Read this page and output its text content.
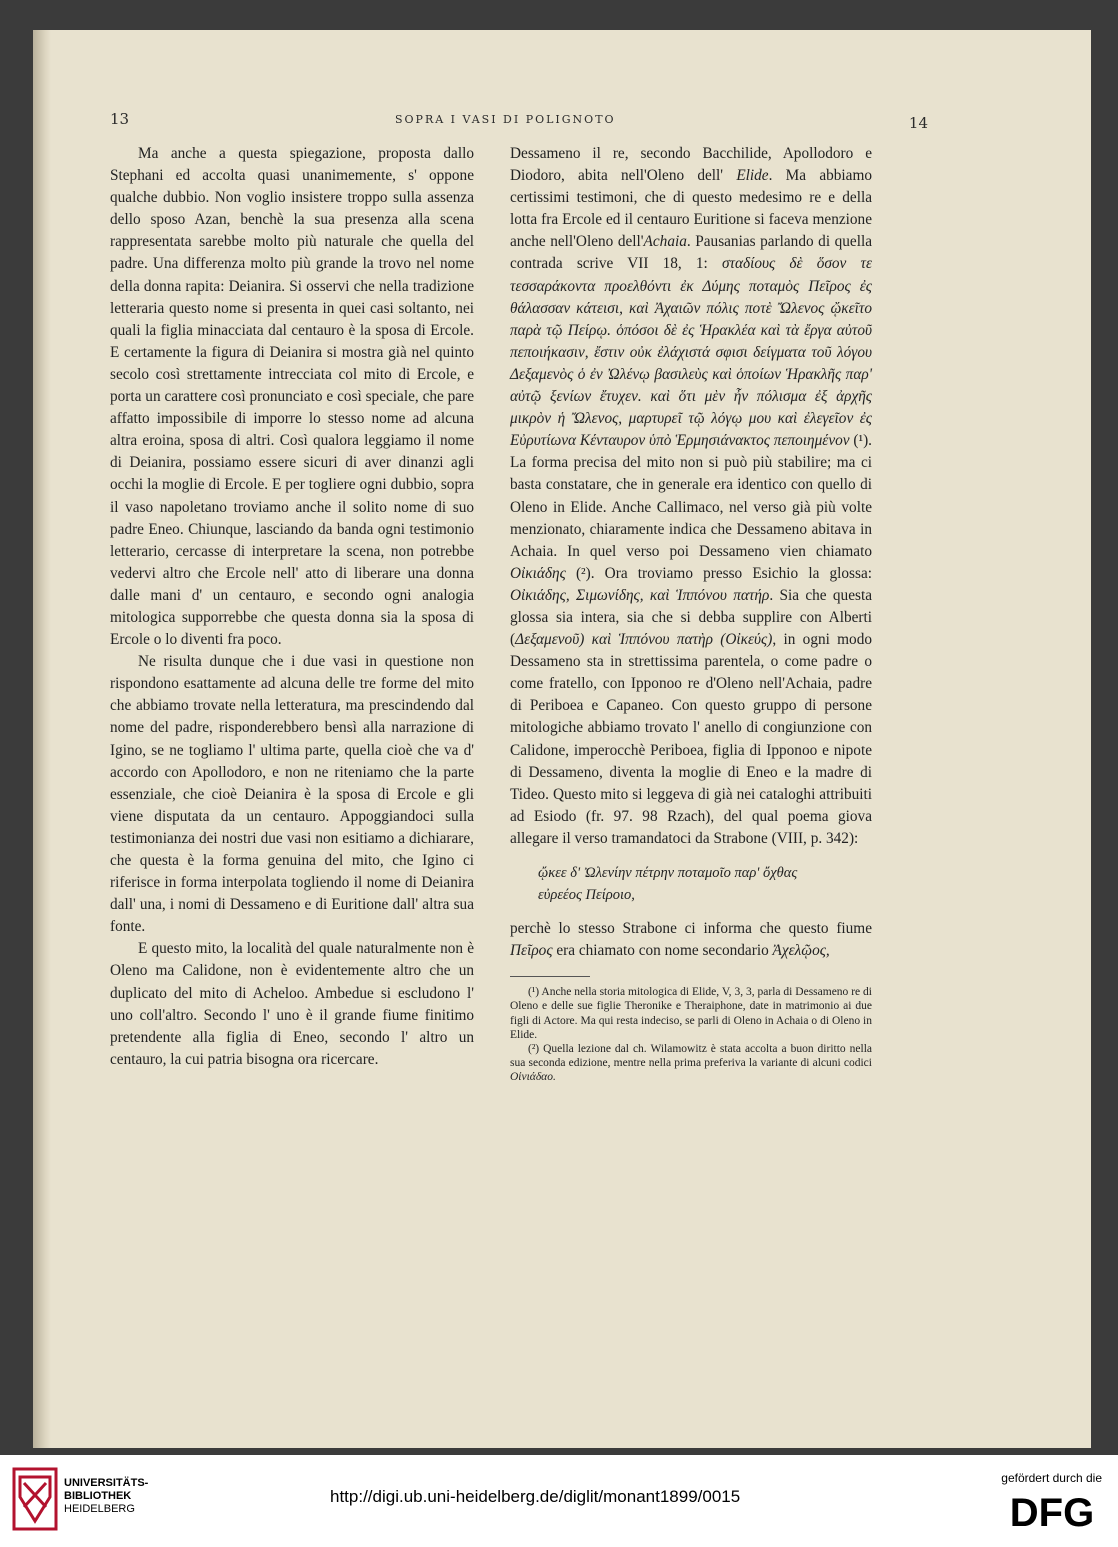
13	SOPRA I VASI DI POLIGNOTO	14

Ma anche a questa spiegazione, proposta dallo Stephani ed accolta quasi unanimemente, s' oppone qualche dubbio. Non voglio insistere troppo sulla assenza dello sposo Azan, benchè la sua presenza alla scena rappresentata sarebbe molto più naturale che quella del padre. Una differenza molto più grande la trovo nel nome della donna rapita: Deianira. Si osservi che nella tradizione letteraria questo nome si presenta in quei casi soltanto, nei quali la figlia minacciata dal centauro è la sposa di Ercole. E certamente la figura di Deianira si mostra già nel quinto secolo così strettamente intrecciata col mito di Ercole, e porta un carattere così pronunciato e così speciale, che pare affatto impossibile di imporre lo stesso nome ad alcuna altra eroina, sposa di altri. Così qualora leggiamo il nome di Deianira, possiamo essere sicuri di aver dinanzi agli occhi la moglie di Ercole. E per togliere ogni dubbio, sopra il vaso napoletano troviamo anche il solito nome di suo padre Eneo. Chiunque, lasciando da banda ogni testimonio letterario, cercasse di interpretare la scena, non potrebbe vedervi altro che Ercole nell' atto di liberare una donna dalle mani d' un centauro, e secondo ogni analogia mitologica supporrebbe che questa donna sia la sposa di Ercole o lo diventi fra poco.

Ne risulta dunque che i due vasi in questione non rispondono esattamente ad alcuna delle tre forme del mito che abbiamo trovate nella letteratura, ma prescindendo dal nome del padre, risponderebbero bensì alla narrazione di Igino, se ne togliamo l' ultima parte, quella cioè che va d' accordo con Apollodoro, e non ne riteniamo che la parte essenziale, che cioè Deianira è la sposa di Ercole e gli viene disputata da un centauro. Appoggiandoci sulla testimonianza dei nostri due vasi non esitiamo a dichiarare, che questa è la forma genuina del mito, che Igino ci riferisce in forma interpolata togliendo il nome di Deianira dall' una, i nomi di Dessameno e di Euritione dall' altra sua fonte.

E questo mito, la località del quale naturalmente non è Oleno ma Calidone, non è evidentemente altro che un duplicato del mito di Acheloo. Ambedue si escludono l' uno coll'altro. Secondo l' uno è il grande fiume finitimo pretendente alla figlia di Eneo, secondo l' altro un centauro, la cui patria bisogna ora ricercare.

Dessameno il re, secondo Bacchilide, Apollodoro e Diodoro, abita nell'Oleno dell' Elide. Ma abbiamo certissimi testimoni, che di questo medesimo re e della lotta fra Ercole ed il centauro Euritione si faceva menzione anche nell'Oleno dell'Achaia. Pausanias parlando di quella contrada scrive VII 18, 1: σταδίους δὲ ὅσον τε τεσσαράκοντα προελθόντι ἐκ Δύμης ποταμὸς Πεῖρος ἐς θάλασσαν κάτεισι, καὶ Ἀχαιῶν πόλις ποτὲ Ὤλενος ᾤκεῖτο παρὰ τῷ Πείρῳ. ὁπόσοι δὲ ἐς Ἡρακλέα καὶ τὰ ἔργα αὐτοῦ πεποιήκασιν, ἔστιν οὐκ ἐλάχιστά σφισι δείγματα τοῦ λόγου Δεξαμενὸς ὁ ἐν Ὠλένῳ βασιλεὺς καὶ ὁποίων Ἡρακλῆς παρ' αὐτῷ ξενίων ἔτυχεν. καὶ ὅτι μὲν ἦν πόλισμα ἐξ ἀρχῆς μικρὸν ἡ Ὤλενος, μαρτυρεῖ τῷ λόγῳ μου καὶ ἐλεγεῖον ἐς Εὐρυτίωνα Κένταυρον ὑπὸ Ἑρμησιάνακτος πεποιημένον (¹). La forma precisa del mito non si può più stabilire; ma ci basta constatare, che in generale era identico con quello di Oleno in Elide. Anche Callimaco, nel verso già più volte menzionato, chiaramente indica che Dessameno abitava in Achaia. In quel verso poi Dessameno vien chiamato Οἰκιάδης (²). Ora troviamo presso Esichio la glossa: Οἰκιάδης, Σιμωνίδης, καὶ Ἱππόνου πατήρ. Sia che questa glossa sia intera, sia che si debba supplire con Alberti (Δεξαμενοῦ) καὶ Ἱππόνου πατὴρ (Οἰκεύς), in ogni modo Dessameno sta in strettissima parentela, o come padre o come fratello, con Ipponoo re d'Oleno nell'Achaia, padre di Periboea e Capaneo. Con questo gruppo di persone mitologiche abbiamo trovato l' anello di congiunzione con Calidone, imperocchè Periboea, figlia di Ipponoo e nipote di Dessameno, diventa la moglie di Eneo e la madre di Tideo. Questo mito si leggeva di già nei cataloghi attribuiti ad Esiodo (fr. 97. 98 Rzach), del qual poema giova allegare il verso tramandatoci da Strabone (VIII, p. 342):

ᾤκεε δ' Ὠλενίην πέτρην ποταμοῖο παρ' ὄχθας
εὐρεέος Πείροιο,

perchè lo stesso Strabone ci informa che questo fiume Πεῖρος era chiamato con nome secondario Ἀχελῷος,

(¹) Anche nella storia mitologica di Elide, V, 3, 3, parla di Dessameno re di Oleno e delle sue figlie Theronike e Theraiphone, date in matrimonio ai due figli di Actore. Ma qui resta indeciso, se parli di Oleno in Achaia o di Oleno in Elide.

(²) Quella lezione dal ch. Wilamowitz è stata accolta a buon diritto nella sua seconda edizione, mentre nella prima preferiva la variante di alcuni codici Οἰνιάδαο.

UNIVERSITÄTS-
BIBLIOTHEK
HEIDELBERG
http://digi.ub.uni-heidelberg.de/diglit/monant1899/0015
gefördert durch die
DFG
